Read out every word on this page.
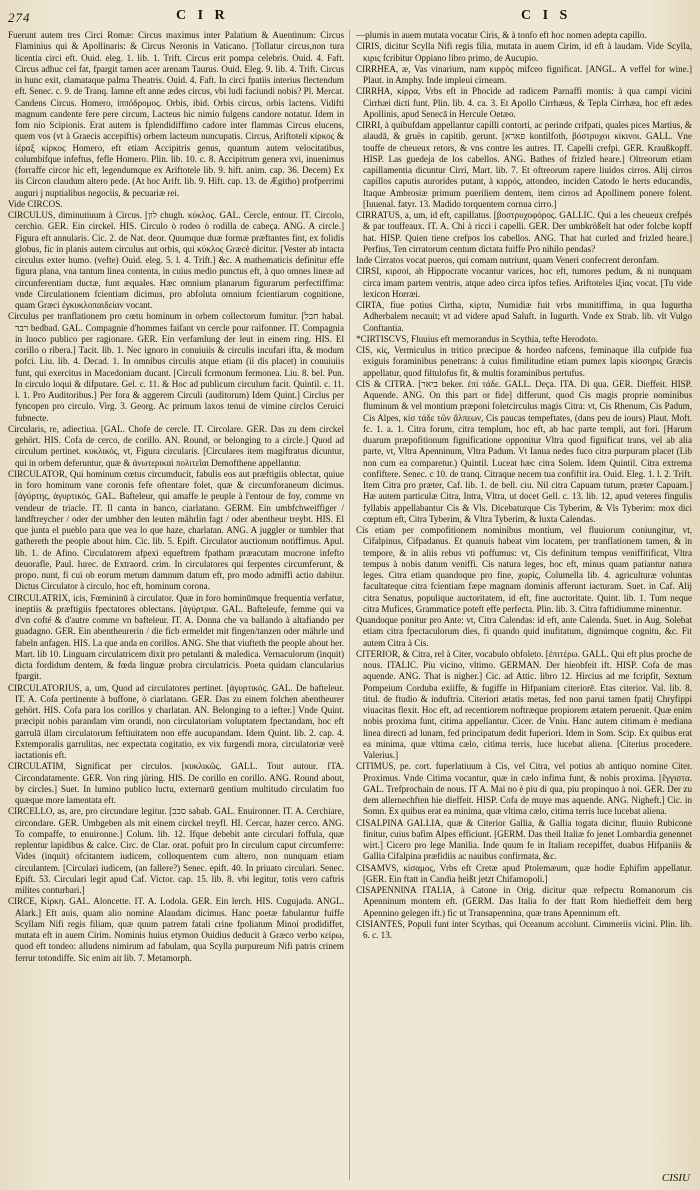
274	C I R	C I S

Fuerunt autem tres Circi Romæ: Circus maximus inter Palatium & Auentinum: Circus Flaminius qui & Apollinaris: & Circus Neronis in Vaticano. [Tollatur circus,non tura licentia circi eft. Ouid. eleg. 1. lib. 1. Trift. Circus erit pompa celebris. Ouid. 4. Faft. Circus adhuc cel fat, fpargit tamen acer arenam Taurus. Ouid. Eleg. 9. lib. 4. Trift. Circus in hunc exit, clamataque palma Theatris. Ouid. 4. Faft. In circi fpatiis interius flectendum eft. Senec. c. 9. de Tranq. Iamne eft anne ædes circus, vbi ludi faciundi nobis? Pl. Mercat. Candens Circus. Homero, ἰππόδρομος. Orbis, ibid. Orbis circus, orbis lactens. Vidifti magnum candente fere pere circum, Lacteus hic nimio fulgens candore notatur. Idem in fom nio Scipionis. Erat autem is fplendidiffimo cadore inter flammas Circus elucens, quem vos (vt à Graecis accepiftis) orbem lacteum nuncupatis. Circus, Ariftoteli κίρκος & ἱέραξ κίρκος Homero, eft etiam Accipitris genus, quantum autem velocitatibus, columbifque infeftus, fefle Homero. Plin. lib. 10. c. 8. Accipitrum genera xvi, inuenimus (forraffe circor hic eft, legendumque ex Ariftotele lib. 9. hift. anim. cap. 36. Decem) Ex iis Circon claudum altero pede. (At hoc Arift. lib. 9. Hift. cap. 13. de Ægitho) profperrimi auguri j nuptialibus negociis, & pecuariæ rei.

Vide CIRCOS.

CIRCULUS, diminutiuum à Circus. [לון chugh. κύκλος. GAL. Cercle, entour. IT. Circolo, cerchio. GER. Ein circkel. HIS. Circulo ò rodeo ò rodilla de cabeça. ANG. A circle.] Figura eft annularis. Cic. 2. de Nat. deor. Quumque duæ formæ præftantes fint, ex folidis globus, fic in planis autem circulus aut orbis, qui κύκλος Græcè dicitur. [Vester ab intacta circulus exter humo. (vefte) Ouid. eleg. 5. l. 4. Trift.] &c. A mathematicis definitur effe figura plana, vna tantum linea contenta, in cuius medio punctus eft, à quo omnes lineæ ad circunferentiam ductæ, funt æquales. Hæc omnium planarum figurarum perfectiffima: vnde Circulationem fcientiam dicimus, pro abfoluta omnium fcientiarum cognitione, quam Græci ἐγκυκλοπαιδείαν vocant.

Circulus per tranflationem pro cœtu hominum in orbem collectorum fumitur. [חבל habal. רבד bedbad. GAL. Compagnie d'hommes faifant vn cercle pour raifonner. IT. Compagnia in luoco publico per ragionare. GER. Ein verfamlung der leut in einem ring. HIS. El corillo o ribera.] Tacit. lib. 1. Nec ignoro in conuiuiis & circulis incufari ifta, & modum pofci. Liu. lib. 4. Decad. 1. In omnibus circulis atque etiam (ii dis placet) in conuiuiis funt, qui exercitus in Macedoniam ducant. [Circuli fcrmonum fermonea. Liu. 8. bel. Pun. In circulo loqui & difputare. Gel. c. 11. & Hoc ad publicum circulum facit. Quintil. c. 11. l. 1. Pro Auditoribus.] Per fora & aggerem Circuli (auditorum) Idem Quint.] Circlus per fyncopen pro circulo. Virg. 3. Georg. Ac primum laxos tenui de vimine circlos Ceruici fubnecte.

Circularis, re, adiectiua. [GAL. Chofe de cercle. IT. Circolare. GER. Das zu dem circkel gehört. HIS. Cofa de cerco, de corillo. AN. Round, or belonging to a circle.] Quod ad circulum pertinet. κυκλικός, vt, Figura circularis. [Circulares item magiftratus dicuntur, qui in orbem deferuntur, quæ & ἀνωτερικαὶ πολιτεῖαι Demofthene appellantur.

CIRCULATOR, Qui hominum cœtus circumducit, fabulis eos aut præftigiis oblectat, quiue in foro hominum vane coronis fefe oftentare folet, quæ & circumforaneum dicimus. [ἀγύρτης, ἀγυρτικός. GAL. Bafteleur, qui amaffe le peuple à l'entour de foy, comme vn vendeur de triacle. IT. Il canta in banco, ciarlatano. GERM. Ein umbfchweiffiger / landftreycher / oder der umbher den leuten mährlin fagt / oder abentheur treybt. HIS. El que junta el pueblo para que vea lo que haze, charlatan. ANG. A juggler or tumbler that gathereth the people about him. Cic. lib. 5. Epift. Circulator auctionum notiffimus. Apul. lib. 1. de Afino. Circulatorem afpexi equeftrem fpatham præacutam mucrone infefto deuorafle, Paul. Iurec. de Extraord. crim. In circulatores qui ferpentes circumferunt, & propo. nunt, fi cui ob eorum metum damnum datum eft, pro modo admiffi actio dabitur. Dictus Circulator à circulo, hoc eft, hominum corona.

CIRCULATRIX, icis, Fœmininū à circulator. Quæ in foro hominūmque frequentia verfatur, ineptiis & præftigiis fpectatores oblectans. [ἀγύρτρια. GAL. Bafteleufe, femme qui va d'vn cofté & d'autre comme vn bafteleur. IT. A. Donna che va ballando à altafiando per guadagno. GER. Ein abentheurerin / die ficb ermeldet mit fingen/tanzen oder mährle und fabeln anfagen. HIS. La que anda en corillos. ANG. She that viufteth the people about her. Mart. lib 10. Linguam circulatricem dixit pro petulanti & maledica. Vernaculorum (inquit) dicta fordidum dentem, & fœda linguæ probra circulatricis. Poeta quidam clancularius fpargit.

CIRCULATORIUS, a, um, Quod ad circulatores pertinet. [ἀγυρτικός. GAL. De bafteleur. IT. A. Cofa pertinente à buffone, ò ciarlatano. GER. Das zu einem folchen abentheurer gehört. HIS. Cofa para los corillos y charlatan. AN. Belonging to a iefter.] Vnde Quint. præcipit nobis parandam vim orandi, non circulatoriam voluptatem fpectandam, hoc eft garrulā illam circulatorum feftiuitatem non effe aucupandam. Idem Quint. lib. 2. cap. 4. Extemporalis garrulitas, nec expectata cogitatio, ex vix furgendi mora, circulatoriæ verè iactationis eft.

CIRCULATIM, Significat per circulos. [κυκλικῶς. GALL. Tout autour. ITA. Circondatamente. GER. Von ring jüring. HIS. De corillo en corillo. ANG. Round about, by circles.] Suet. In lumino publico luctu, externarū gentium multitudo circulatim fuo quæque more lamentata eft.

CIRCELLO, as, are, pro circundare legitur. [סבב sabab. GAL. Enuironner. IT. A. Cerchiare, circondare. GER. Umbgeben als mit einem circkel treyfl. HI. Cercar, hazer cerco. ANG. To compaffe, to enuironne.] Colum. lib. 12. Ifque debebit ante circulari foffula, quæ replentur lapidibus & calce. Circ. de Clar. orat. pofuit pro In circulum caput circumferre: Vides (inquit) ofcitantem iudicem, colloquentem cum altero, non nunquam etiam circulantem. [Circulari iudicem, (an fallere?) Senec. epift. 40. In priuato circulari. Senec. Epift. 53. Circulari legit apud Caf. Victor. cap. 15. lib. 8. vbi legitur, totis vero caftris milites conturbari.]

CIRCE, Κίρκη. GAL. Aloncette. IT. A. Lodola. GER. Ein lerch. HIS. Cugujada. ANGL. Alark.] Eft auis, quam alio nomine Alaudam dicimus. Hanc poetæ fabulantur fuiffe Scyllam Nifi regis filiam, quæ quum patrem fatali crine fpoliatum Minoi prodidiffet, mutata eft in auem Cirim. Nominis huius etymon Ouidius deducit à Græco verbo κείρω, quod eft tondeo: alludens nimirum ad fabulam, qua Scylla purpureum Nifi patris crinem ferrur totondiffe. Sic enim ait lib. 7. Metamorph.

—plumis in auem mutata vocatur Ciris, & à tonfo eft hoc nomen adepta capillo.

CIRIS, dicitur Scylla Nifi regis filia, mutata in auem Cirim, id eft à laudam. Vide Scylla, κιρις fcribitur Oppiano libro primo, de Aucupio.

CIRRHEA, æ, Vas vinarium, nam κιρρὸς mifceo fignificat. [ANGL. A veffel for wine.] Plaut. in Amphy. Inde impleui cirneam.

CIRRHA, κίρρα, Vrbs eft in Phocide ad radicem Parnaffi montis: à qua campi vicini Cirrhæi dicti funt. Plin. lib. 4. ca. 3. Et Apollo Cirrhæus, & Tepla Cirrhæa, hoc eft ædes Apollinis, apud Senecā in Hercule Oetæo.

CIRRI, à quibufdam appellantur capilli contorti, ac perinde crifpati, quales pices Martius, & alaudā, & gruës in capitib. gerunt. [פארא kontilfoth, βόστρυχοι κίκινοι. GALL. Vne touffe de cheueux retors, & vns contre les autres. IT. Capelli crefpi. GER. Kraußkopff. HISP. Las guedeja de los cabellos. ANG. Bathes of frizled heare.] Oltreorum etiam capillamentia dicuntur Cirri, Mart. lib. 7. Et oftreorum rapere liuidos cirros. Alij cirros capillos caputis aurorides putant, à κιρρός, attondeo, inciden Catodo le herts educandis, Itaque Ambrosiæ primum pueriliem dentem, item cirros ad Apollinem ponere folent. [Iuuenal. fatyr. 13. Madido torquentem cornua cirro.]

CIRRATUS, a, um, id eft, capillatus. [βοστρυχοφόρος. GALLIC. Qui a les cheueux crefpés & par touffeaux. IT. A. Chi à ricci i capelli. GER. Der umbkrößelt hat oder folcbe kopff hat. HISP. Quien tiene crefpos los cabellos. ANG. That hat curled and frizled heare.] Perfius, Ten cirratorum centum dictata fuiffe Pro nihilo pendas?

Inde Cirratos vocat pueros, qui comam nutriunt, quam Veneri confecrent deronfam.

CIRSI, κιρσοί, ab Hippocrate vocantur varices, hoc eft, tumores pedum, & ni nunquam circa imam partem ventris, atque adeo circa ipfos tefies. Ariftoteles ἰξίας vocat. [Tu vide lexicon Horræi.

CIRTA, fiue potius Cirtha, κίρτα, Numidiæ fuit vrbs munitiffima, in qua Iugurtha Adherbalem necauit; vt ad videre apud Saluft. in Iugurth. Vnde ex Strab. lib. vlt Vulgo Conftantia.

*CIRTISCVS, Fluuius eft memorandus in Scythia, tefte Herodoto.

CIS, κίς, Vermiculus in tritico præcipue & hordeo nafcens, feminaque illa cufpide fua exiguis foraminibus penetrans: à cuius fimilitudine etiam pumex lapis κίσσηρις Græcis appellatur, quod filtulofus fit, & multis foraminibus pertufus.

CIS & CITRA. [ביאר beker. ἐπὶ τάδε. GALL. Deça. ITA. Di qua. GER. Dieffeit. HISP. Aquende. ANG. On this part or fide] differunt, quod Cis magis proprie nominibus fluminum & vel montium præponi foletcirculus magis Citra: vt, Cis Rhenum, Cis Padum, Cis Alpes, κίσ τάδε τῶν ἄλπεων, Cis paucas tempeftates, (dans peu de iours) Plaut. Moft. fc. 1. a. 1. Citra forum, citra templum, hoc eft, ab hac parte templi, aut fori. [Harum duarum præpofitionum fignificatione opponitur Vltra quod fignificat trans, vel ab alia parte, vt, Vltra Apenninum, Vltra Padum. Vt Ianua nedes fuco citra purpuram placet (I.ib non cum ea comparetur.) Quintil. Luceat hæc citra Solem. Idem Quintil. Citra extrema confiftere. Senec. c 10. de tranq. Citraque necem tua confiftit ira. Ouid. Eleg. 1. l. 2. Trift. Item Citra pro præter, Caf. lib. 1. de bell. ciu. Nil citra Capuam tutum, præter Capuam.] Hæ autem particulæ Citra, Intra, Vltra, ut docet Gell. c. 13. lib. 12, apud veteres fingulis fyllabis appellabantur Cis & Vls. Dicebaturque Cis Tyberim, & Vls Tyberim: mox dici cœptum eft, Citra Tyberim, & Vltra Tyberim, & Iuxta Calendas.

Cis etiam per compofitionem nominibus montium, vel fluuiorum coniungitur, vt, Cifalpinus, Cifpadanus. Et quanuis habeat vim locatem, per tranflationem tamen, & in tempore, & in aliis rebus vti poffumus: vt, Cis definitum tempus veniffitificat, Vltra tempus à nobis datum veniffi. Cis natura leges, hoc eft, minus quam patiantur natura leges. Citra etiam quandoque pro fine, χωρίς, Columella lib. 4. agriculturæ voluntas facultateque citra fcientiam fæpe magnam dominis afferunt iacturam. Suet. in Caf. Alij citra Senatus, populique auctoritatem, id eft, fine auctoritate. Quint. lib. 1. Tum neque citra Mufices, Grammatice poteft effe perfecta. Plin. lib. 3. Citra faftidiumme minentur.

Quandoque ponitur pro Ante: vt, Citra Calendas: id eft, ante Calenda. Suet. in Aug. Solebat etiam citra fpectaculorum dies, fi quando quid inufitatum, dignúmque cognitu, &c. Fit autem Citra à Cis.

CITERIOR, & Citra, rel à Citer, vocabulo obfoleto. [ἐπιτέρω. GALL. Qui eft plus proche de nous. ITALIC. Piu vicino, vltimo. GERMAN. Der hieobfeit ift. HISP. Cofa de mas aquende. ANG. That is nigher.] Cic. ad Attic. libro 12. Hircius ad me fcripfit, Sextum Pompeium Corduba exiiffe, & fugiffe in Hifpaniam citeriorē. Etas citerior. Val. lib. 8. titul. de ftudio & induftria. Citeriori ætatis metas, fed non parui tamen fpatij Chryfippi viuacitas flexit. Hoc eft, ad recentiorem noftræque propiorem ætatem peruenit. Quæ enim nobis proxima funt, citima appellantur. Cicer. de Vniu. Hanc autem citimam è mediana linea directi ad lunam, fed principatum dedit fuperiori. Idem in Som. Scip. Ex quibus erat ea minima, quæ vltima cælo, citima terris, luce lucebat aliena. [Citerius procedere. Valerius.]

CITIMUS, pe. cort. fuperlatiuum à Cis, vel Citra, vel potius ab antiquo nomine Citer. Proximus. Vnde Citima vocantur, quæ in cælo infima funt, & nobis proxima. [ἔγγιστα. GAL. Trefprochain de nous. IT A. Mai no è piu di qua, piu propinquo à noi. GER. Der zu dem allernechften hie dieffeit. HISP. Cofa de muye mas aquende. ANG. Nigheft.] Cic. in Somn. Ex quibus erat ea minima, quæ vltima cælo, citima terris luce lucebat aliena.

CISALPINA GALLIA, quæ & Citerior Gallia, & Gallia togata dicitur, fluuio Rubicone finitur, cuius bafim Alpes efficiunt. [GERM. Das theil Italiæ fo jenet Lombardia genennet wirt.] Cicero pro lege Manilia. Inde quum fe in Italiam recepiffet, duabus Hifpaniis & Gallia Cifalpina præfidiis ac nauibus confirmata, &c.

CISAMVS, κίσαμος, Vrbs eft Cretæ apud Ptolemæum, quæ hodie Ephifim appellatur. [GER. Ein ftatt in Candia heißt jetzt Chifamopoli.]

CISAPENNINA ITALIA, à Catone in Orig. dicitur quæ refpectu Romanorum cis Apenninum montem eft. (GERM. Das Italia fo der ftatt Rom hiedieffeit dem berg Apennino gelegen ift.) fic ut Transapennina, quæ trans Apenninum eft.

CISIANTES, Populi funt inter Scythas, qui Oceanum accolunt. Cimmeriis vicini. Plin. lib. 6. c. 13.

CISIU
